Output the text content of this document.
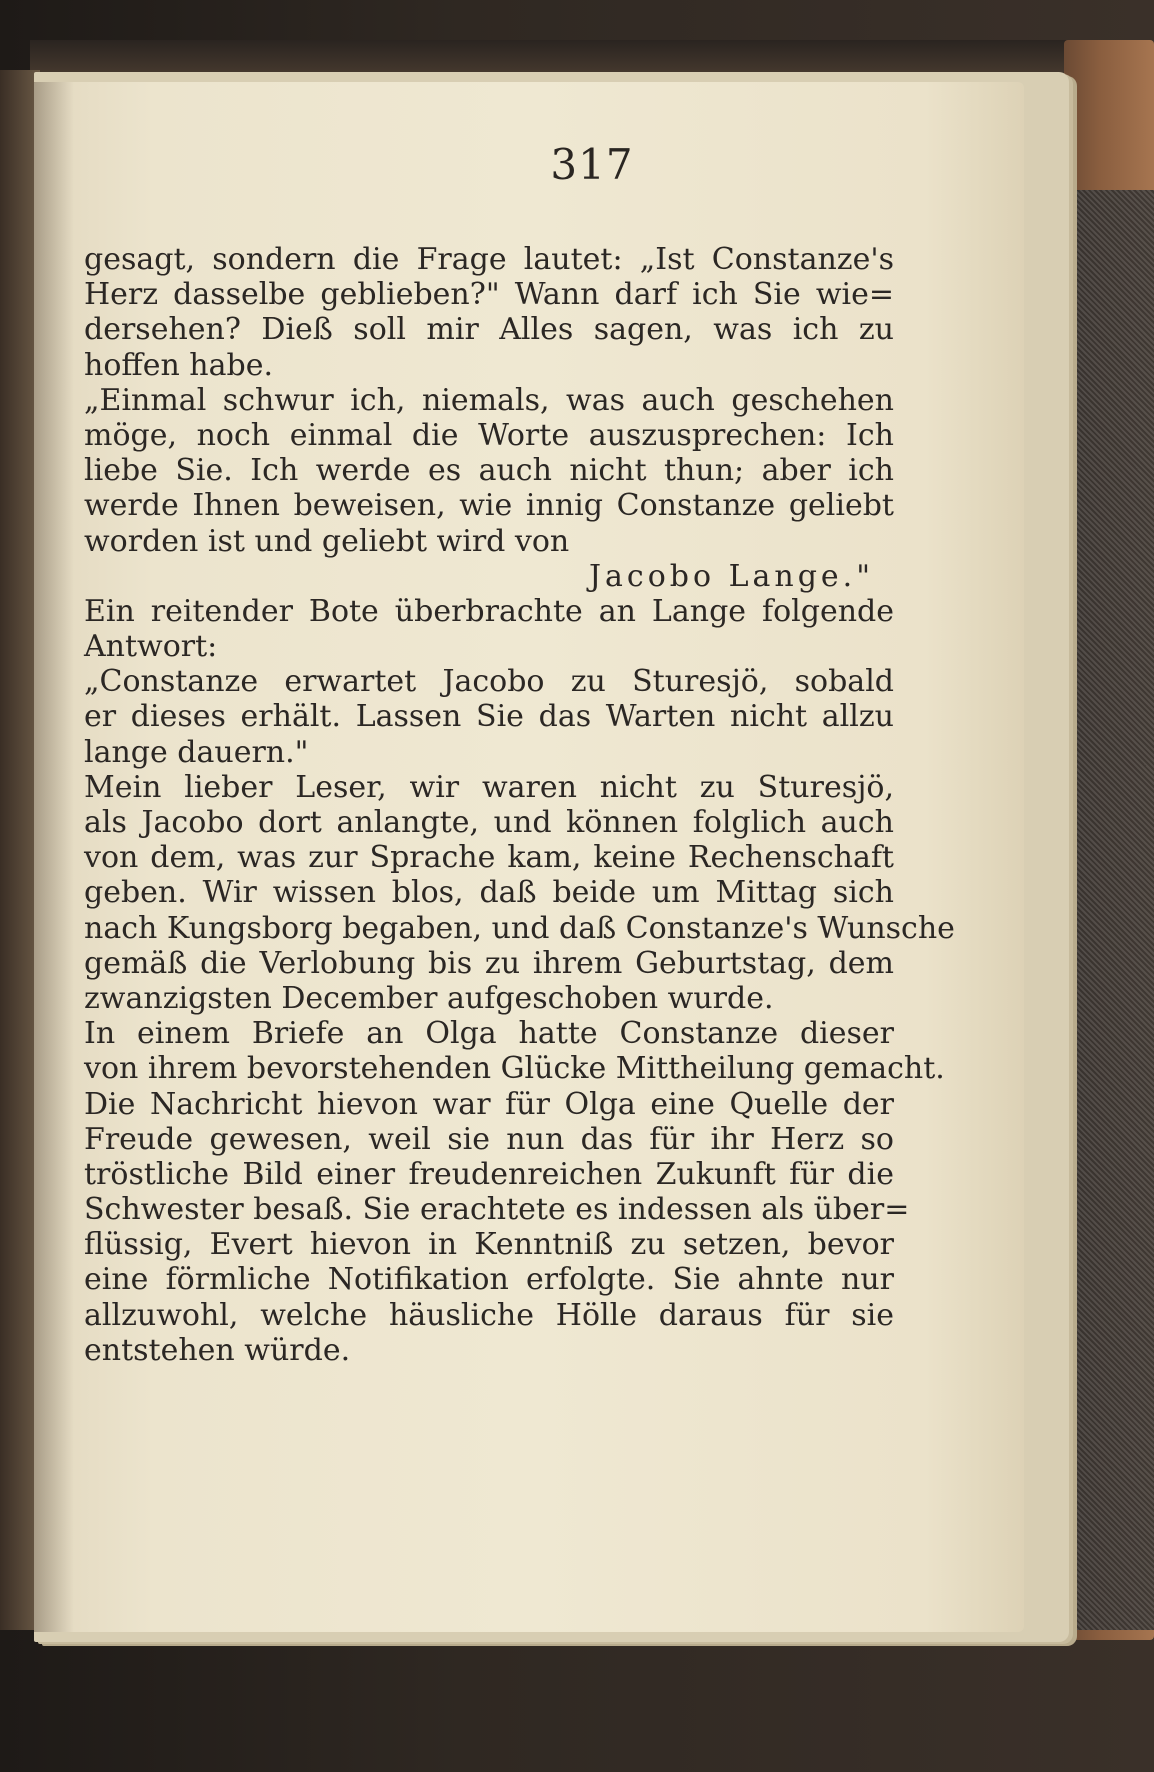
317
gesagt, sondern die Frage lautet: „Ist Constanze's
Herz dasselbe geblieben?" Wann darf ich Sie wie=
dersehen? Dieß soll mir Alles sagen, was ich zu
hoffen habe.
„Einmal schwur ich, niemals, was auch geschehen
möge, noch einmal die Worte auszusprechen: Ich
liebe Sie. Ich werde es auch nicht thun; aber ich
werde Ihnen beweisen, wie innig Constanze geliebt
worden ist und geliebt wird von
Jacobo Lange."
Ein reitender Bote überbrachte an Lange folgende
Antwort:
„Constanze erwartet Jacobo zu Sturesjö, sobald
er dieses erhält. Lassen Sie das Warten nicht allzu
lange dauern."
Mein lieber Leser, wir waren nicht zu Sturesjö,
als Jacobo dort anlangte, und können folglich auch
von dem, was zur Sprache kam, keine Rechenschaft
geben. Wir wissen blos, daß beide um Mittag sich
nach Kungsborg begaben, und daß Constanze's Wunsche
gemäß die Verlobung bis zu ihrem Geburtstag, dem
zwanzigsten December aufgeschoben wurde.
In einem Briefe an Olga hatte Constanze dieser
von ihrem bevorstehenden Glücke Mittheilung gemacht.
Die Nachricht hievon war für Olga eine Quelle der
Freude gewesen, weil sie nun das für ihr Herz so
tröstliche Bild einer freudenreichen Zukunft für die
Schwester besaß. Sie erachtete es indessen als über=
flüssig, Evert hievon in Kenntniß zu setzen, bevor
eine förmliche Notifikation erfolgte. Sie ahnte nur
allzuwohl, welche häusliche Hölle daraus für sie
entstehen würde.
